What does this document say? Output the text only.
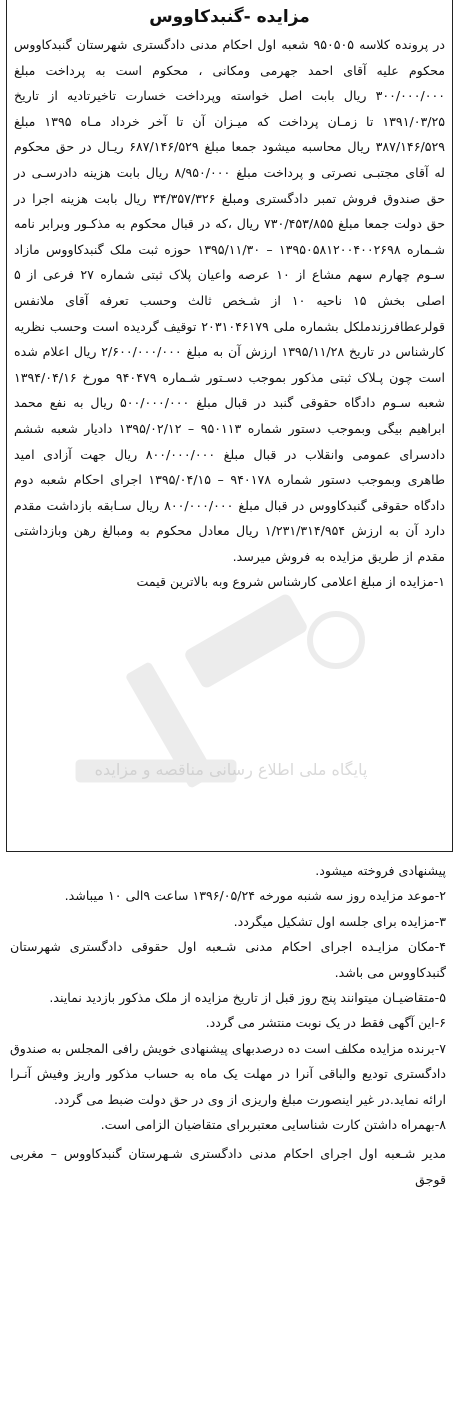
مزایده -گنبدکاووس

در پرونده کلاسه ۹۵۰۵۰۵ شعبه اول احکام مدنی دادگستری شهرستان گنبدکاووس محکوم علیه آقای احمد جهرمی ومکانی ، محکوم است به پرداخت مبلغ ۳۰۰/۰۰۰/۰۰۰ ریال بابت اصل خواسته وپرداخت خسارت تاخیرتادیه از تاریخ ۱۳۹۱/۰۳/۲۵ تا زمـان پرداخت که میـزان آن تا آخر خرداد مـاه ۱۳۹۵ مبلغ ۳۸۷/۱۴۶/۵۲۹ ریال محاسبه میشود جمعا مبلغ ۶۸۷/۱۴۶/۵۲۹ ریـال در حق محکوم له آقای مجتبـی نصرتی و پرداخت مبلغ ۸/۹۵۰/۰۰۰ ریال بابت هزینه دادرسـی در حق صندوق فروش تمبر دادگستری ومبلغ ۳۴/۳۵۷/۳۲۶ ریال بابت هزینه اجرا در حق دولت جمعا مبلغ ۷۳۰/۴۵۳/۸۵۵ ریال ،که در قبال محکوم به مذکـور وبرابر نامه شـماره ۱۳۹۵۰۵۸۱۲۰۰۴۰۰۲۶۹۸ – ۱۳۹۵/۱۱/۳۰ حوزه ثبت ملک گنبدکاووس مازاد سـوم چهارم سهم مشاع از ۱۰ عرصه واعیان پلاک ثبتی شماره ۲۷ فرعی از ۵ اصلی بخش ۱۵ ناحیه ۱۰ از شـخص ثالث وحسب تعرفه آقای ملانفس قولرعطافرزندملکل بشماره ملی ۲۰۳۱۰۴۶۱۷۹ توقیف گردیده است وحسب نظریه کارشناس در تاریخ ۱۳۹۵/۱۱/۲۸ ارزش آن به مبلغ ۲/۶۰۰/۰۰۰/۰۰۰ ریال اعلام شده است چون پـلاک ثبتی مذکور بموجب دسـتور شـماره ۹۴۰۴۷۹ مورخ ۱۳۹۴/۰۴/۱۶ شعبه سـوم دادگاه حقوقی گنبد در قبال مبلغ ۵۰۰/۰۰۰/۰۰۰ ریال به نفع محمد ابراهیم بیگی وبموجب دستور شماره ۹۵۰۱۱۳ – ۱۳۹۵/۰۲/۱۲ دادیار شعبه ششم دادسرای عمومی وانقلاب در قبال مبلغ ۸۰۰/۰۰۰/۰۰۰ ریال جهت آزادی امید طاهری وبموجب دستور شماره ۹۴۰۱۷۸ – ۱۳۹۵/۰۴/۱۵ اجرای احکام شعبه دوم دادگاه حقوقی گنبدکاووس در قبال مبلغ ۸۰۰/۰۰۰/۰۰۰ ریال سـابقه بازداشت مقدم دارد آن به ارزش ۱/۲۳۱/۳۱۴/۹۵۴ ریال معادل محکوم به ومبالغ رهن وبازداشتی مقدم از طریق مزایده به فروش میرسد.

۱-مزایده از مبلغ اعلامی کارشناس شروع وبه بالاترین قیمت

پایگاه ملی اطلاع رسانی مناقصه و مزایده

پیشنهادی فروخته میشود.

۲-موعد مزایده روز سه شنبه مورخه ۱۳۹۶/۰۵/۲۴ ساعت ۹الی ۱۰ میباشد.

۳-مزایده برای جلسه اول تشکیل میگردد.

۴-مکان مزایـده اجرای احکام مدنی شـعبه اول حقوقی دادگستری شهرستان گنبدکاووس می باشد.

۵-متقاضیـان میتوانند پنج روز قبل از تاریخ مزایده از ملک مذکور بازدید نمایند.

۶-این آگهی فقط در یک نوبت منتشر می گردد.

۷-برنده مزایده مکلف است ده درصدبهای پیشنهادی خویش رافی المجلس به صندوق دادگستری تودیع والباقی آنرا در مهلت یک ماه به حساب مذکور واریز وفیش آنـرا ارائه نماید.در غیر اینصورت مبلغ واریزی از وی در حق دولت ضبط می گردد.

۸-بهمراه داشتن کارت شناسایی معتبربرای متقاضیان الزامی است.

مدیر شـعبه اول اجرای احکام مدنی دادگستری شـهرستان گنبدکاووس – مغربی قوجق
